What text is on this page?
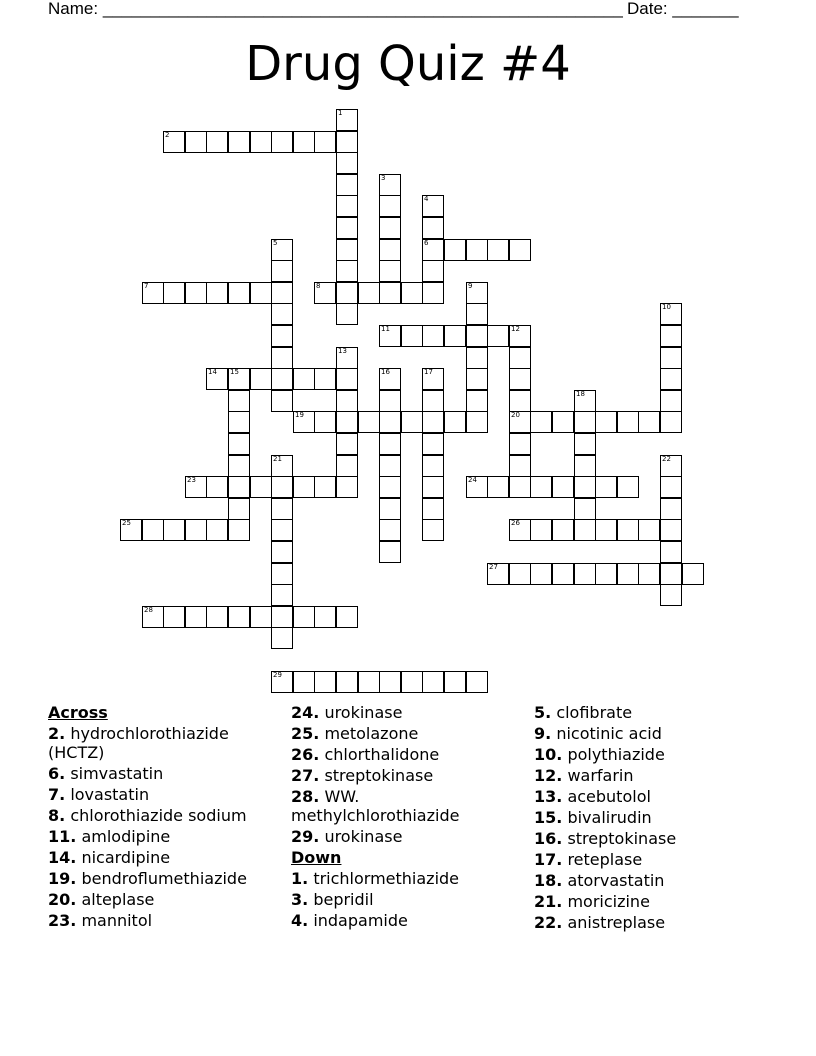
Name: _______________________________________________________ Date: _______
Drug Quiz #4
1
2
3
4
5	6
7	8	9
10
11	12
13
14 15	16	17
18
19	20
21	22
23	24
25	26
27
28
29
Across
2. hydrochlorothiazide (HCTZ)
6. simvastatin
7. lovastatin
8. chlorothiazide sodium
11. amlodipine
14. nicardipine
19. bendroflumethiazide
20. alteplase
23. mannitol
24. urokinase
25. metolazone
26. chlorthalidone
27. streptokinase
28. WW. methylchlorothiazide
29. urokinase
Down
1. trichlormethiazide
3. bepridil
4. indapamide
5. clofibrate
9. nicotinic acid
10. polythiazide
12. warfarin
13. acebutolol
15. bivalirudin
16. streptokinase
17. reteplase
18. atorvastatin
21. moricizine
22. anistreplase
